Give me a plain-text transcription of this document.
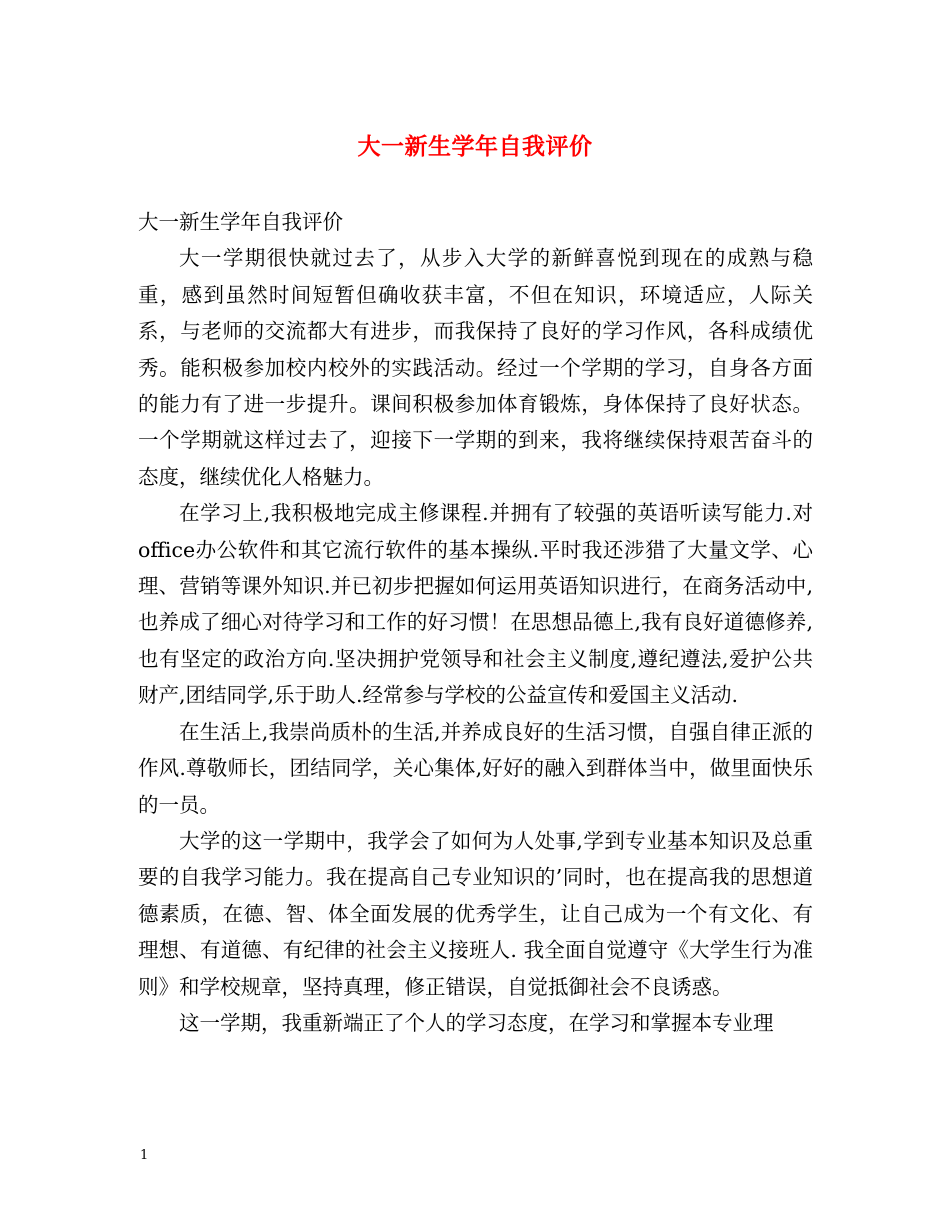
大一新生学年自我评价

大一新生学年自我评价

大一学期很快就过去了，从步入大学的新鲜喜悦到现在的成熟与稳重，感到虽然时间短暂但确收获丰富，不但在知识，环境适应，人际关系，与老师的交流都大有进步，而我保持了良好的学习作风，各科成绩优秀。能积极参加校内校外的实践活动。经过一个学期的学习，自身各方面的能力有了进一步提升。课间积极参加体育锻炼，身体保持了良好状态。一个学期就这样过去了，迎接下一学期的到来，我将继续保持艰苦奋斗的态度，继续优化人格魅力。

在学习上,我积极地完成主修课程.并拥有了较强的英语听读写能力.对office办公软件和其它流行软件的基本操纵.平时我还涉猎了大量文学、心理、营销等课外知识.并已初步把握如何运用英语知识进行，在商务活动中,也养成了细心对待学习和工作的好习惯！在思想品德上,我有良好道德修养,也有坚定的政治方向.坚决拥护党领导和社会主义制度,遵纪遵法,爱护公共财产,团结同学,乐于助人.经常参与学校的公益宣传和爱国主义活动.

在生活上,我崇尚质朴的生活,并养成良好的生活习惯，自强自律正派的作风.尊敬师长，团结同学，关心集体,好好的融入到群体当中，做里面快乐的一员。

大学的这一学期中，我学会了如何为人处事,学到专业基本知识及总重要的自我学习能力。我在提高自己专业知识的’同时，也在提高我的思想道德素质，在德、智、体全面发展的优秀学生，让自己成为一个有文化、有理想、有道德、有纪律的社会主义接班人. 我全面自觉遵守《大学生行为准则》和学校规章，坚持真理，修正错误，自觉抵御社会不良诱惑。

这一学期，我重新端正了个人的学习态度，在学习和掌握本专业理

1
